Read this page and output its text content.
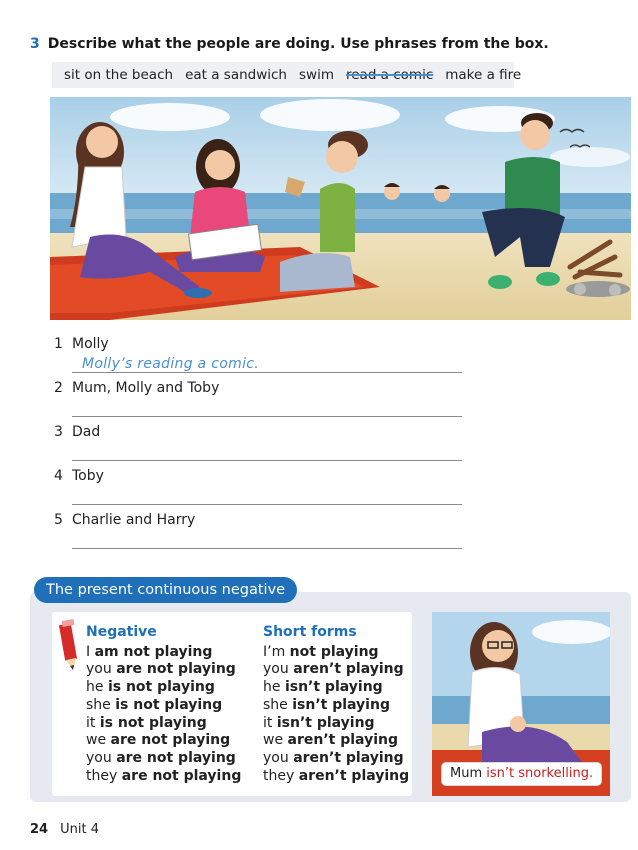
3 Describe what the people are doing. Use phrases from the box.
sit on the beach eat a sandwich swim read a comic make a fire
1 Molly
Molly’s reading a comic.
2 Mum, Molly and Toby
3 Dad
4 Toby
5 Charlie and Harry
The present continuous negative
Negative
I am not playing
you are not playing
he is not playing
she is not playing
it is not playing
we are not playing
you are not playing
they are not playing
Short forms
I’m not playing
you aren’t playing
he isn’t playing
she isn’t playing
it isn’t playing
we aren’t playing
you aren’t playing
they aren’t playing	Mum isn’t snorkelling.
24 Unit 4
